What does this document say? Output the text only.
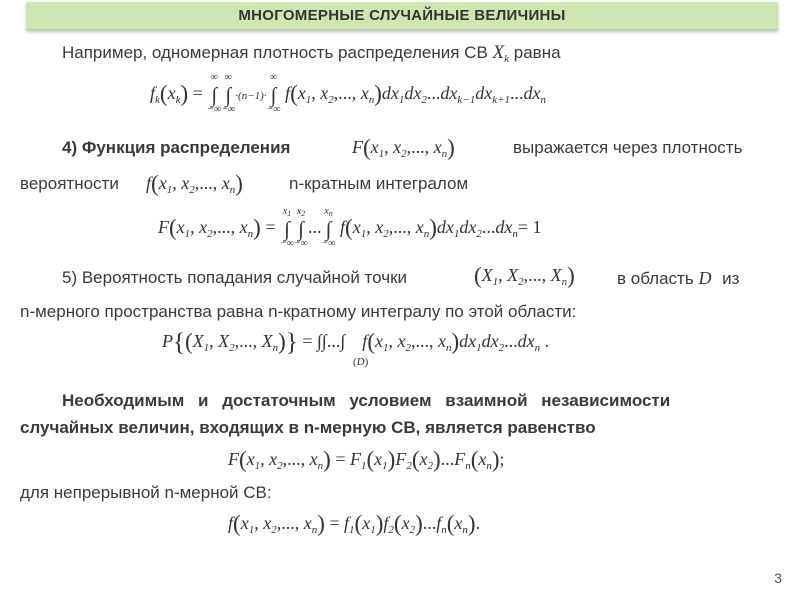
МНОГОМЕРНЫЕ СЛУЧАЙНЫЕ ВЕЛИЧИНЫ
Например, одномерная плотность распределения СВ $X_k$ равна
$f_k(x_k)$ =
∞
∫
−∞
∞
∫
−∞
·(n−1)·
∞
∫
−∞
$f(x_1$, $x_2$,..., $x_n)dx_1dx_2...dx_{k-1}dx_{k+1}...dx_n$
4) Функция распределения	$F(x_1$, $x_2$,..., $x_n$)	выражается через плотность
вероятности $f(x_1$, $x_2$,..., $x_n$)	n-кратным интегралом
$F(x_1$, $x_2$,..., $x_n$) =
$x_1$
∫
−∞
$x_2$
∫
−∞
...
$x_n$
∫
−∞
$f(x_1$, $x_2$,..., $x_n)dx_1dx_2...dx_n= 1$
5) Вероятность попадания случайной точки	($X_1$, $X_2$,..., $X_n$) в область D из
n-мерного пространства равна n-кратному интегралу по этой области:
$P\{(X_1$, $X_2$,..., $X_n$)} = ∫∫...∫  $f(x_1$, $x_2$,..., $x_n)dx_1dx_2...dx_n$ .
(D)
Необходимым и достаточным условием взаимной независимости
случайных величин, входящих в n-мерную СВ, является равенство
$F(x_1$, $x_2$,..., $x_n) = F_1(x_1)F_2(x_2)...F_n(x_n)$;
для непрерывной n-мерной СВ:
$f(x_1$, $x_2$,..., $x_n) = f_1(x_1)f_2(x_2)...f_n(x_n)$.
3
